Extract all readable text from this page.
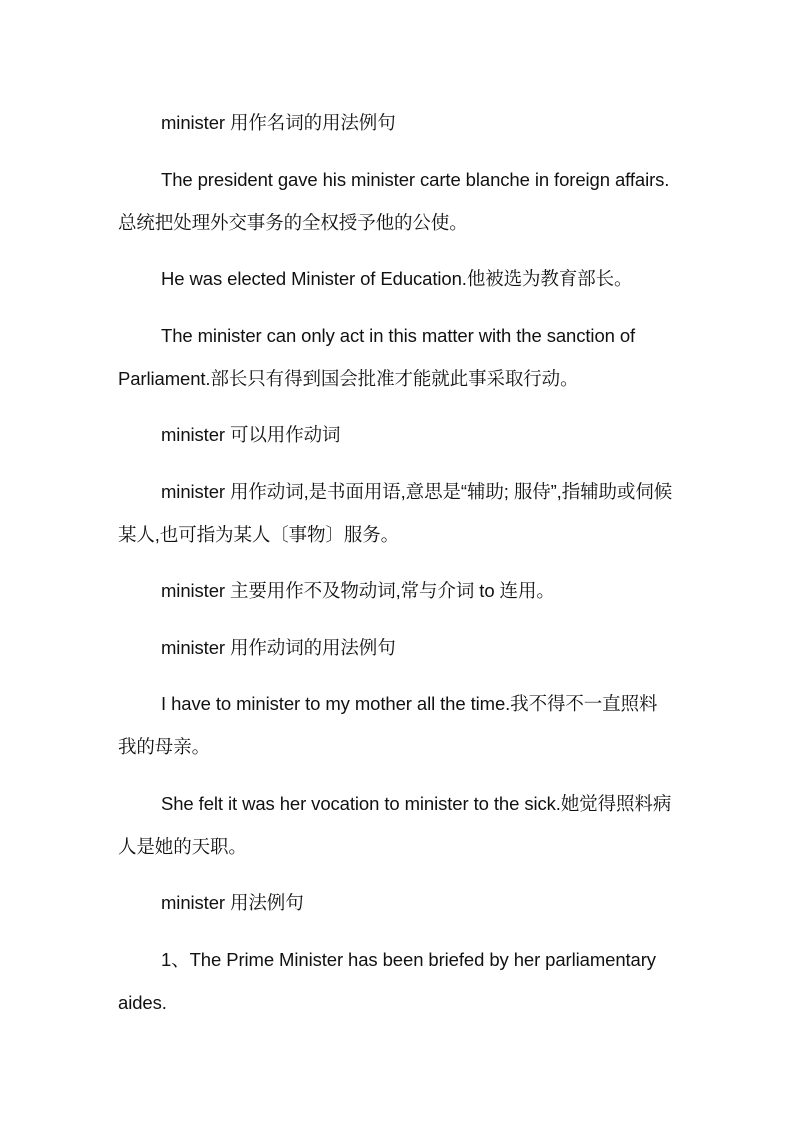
minister 用作名词的用法例句

The president gave his minister carte blanche in foreign affairs.总统把处理外交事务的全权授予他的公使。

He was elected Minister of Education.他被选为教育部长。

The minister can only act in this matter with the sanction of Parliament.部长只有得到国会批准才能就此事采取行动。

minister 可以用作动词

minister 用作动词,是书面用语,意思是“辅助; 服侍”,指辅助或伺候某人,也可指为某人〔事物〕服务。

minister 主要用作不及物动词,常与介词 to 连用。

minister 用作动词的用法例句

I have to minister to my mother all the time.我不得不一直照料我的母亲。

She felt it was her vocation to minister to the sick.她觉得照料病人是她的天职。

minister 用法例句

1、The Prime Minister has been briefed by her parliamentary aides.
